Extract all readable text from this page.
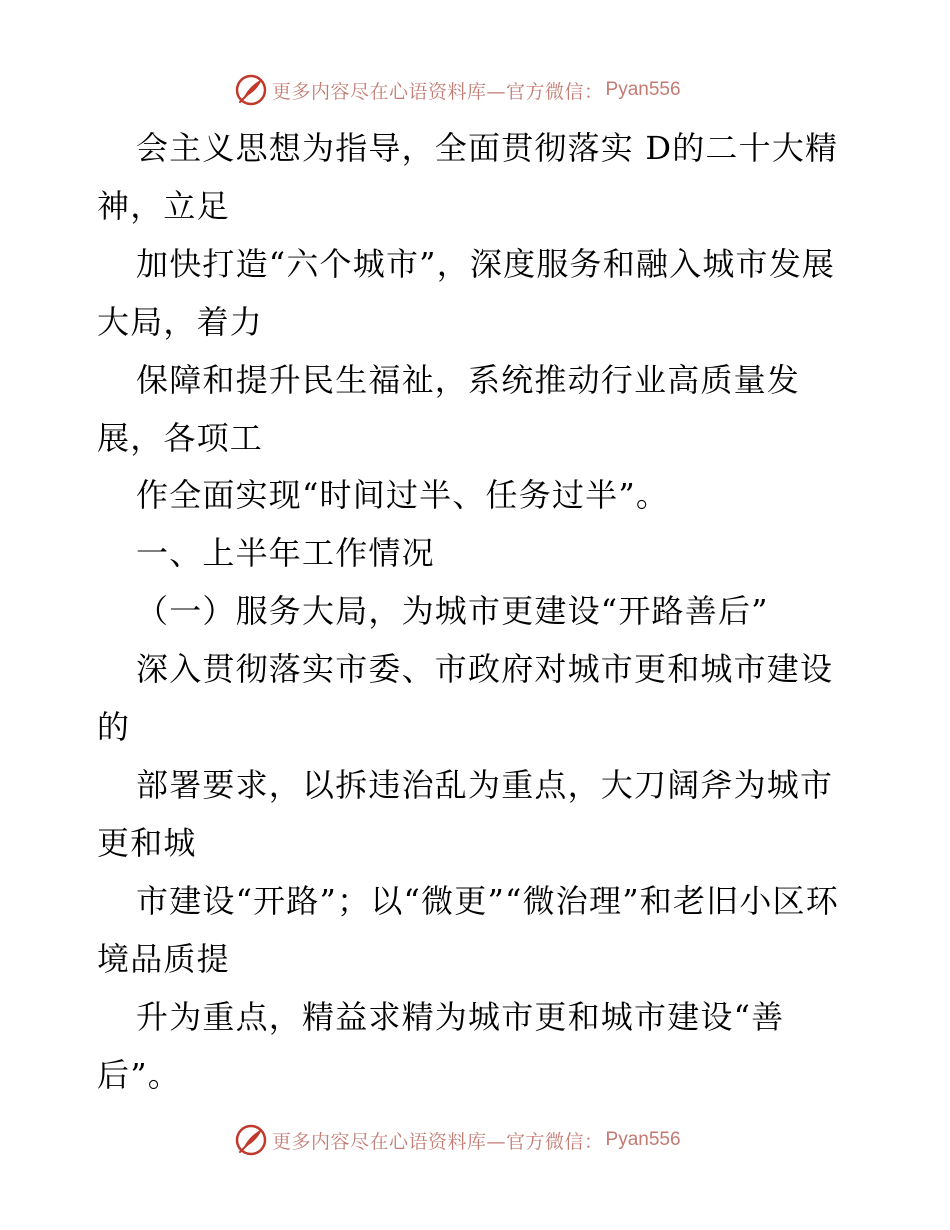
更多内容尽在心语资料库—官方微信： Pyan556

会主义思想为指导，全面贯彻落实 D的二十大精神，立足

加快打造“六个城市”，深度服务和融入城市发展大局，着力

保障和提升民生福祉，系统推动行业高质量发展，各项工

作全面实现“时间过半、任务过半”。

一、上半年工作情况

（一）服务大局，为城市更建设“开路善后”

深入贯彻落实市委、市政府对城市更和城市建设的

部署要求，以拆违治乱为重点，大刀阔斧为城市更和城

市建设“开路”；以“微更”“微治理”和老旧小区环境品质提

升为重点，精益求精为城市更和城市建设“善后”。

更多内容尽在心语资料库—官方微信： Pyan556
